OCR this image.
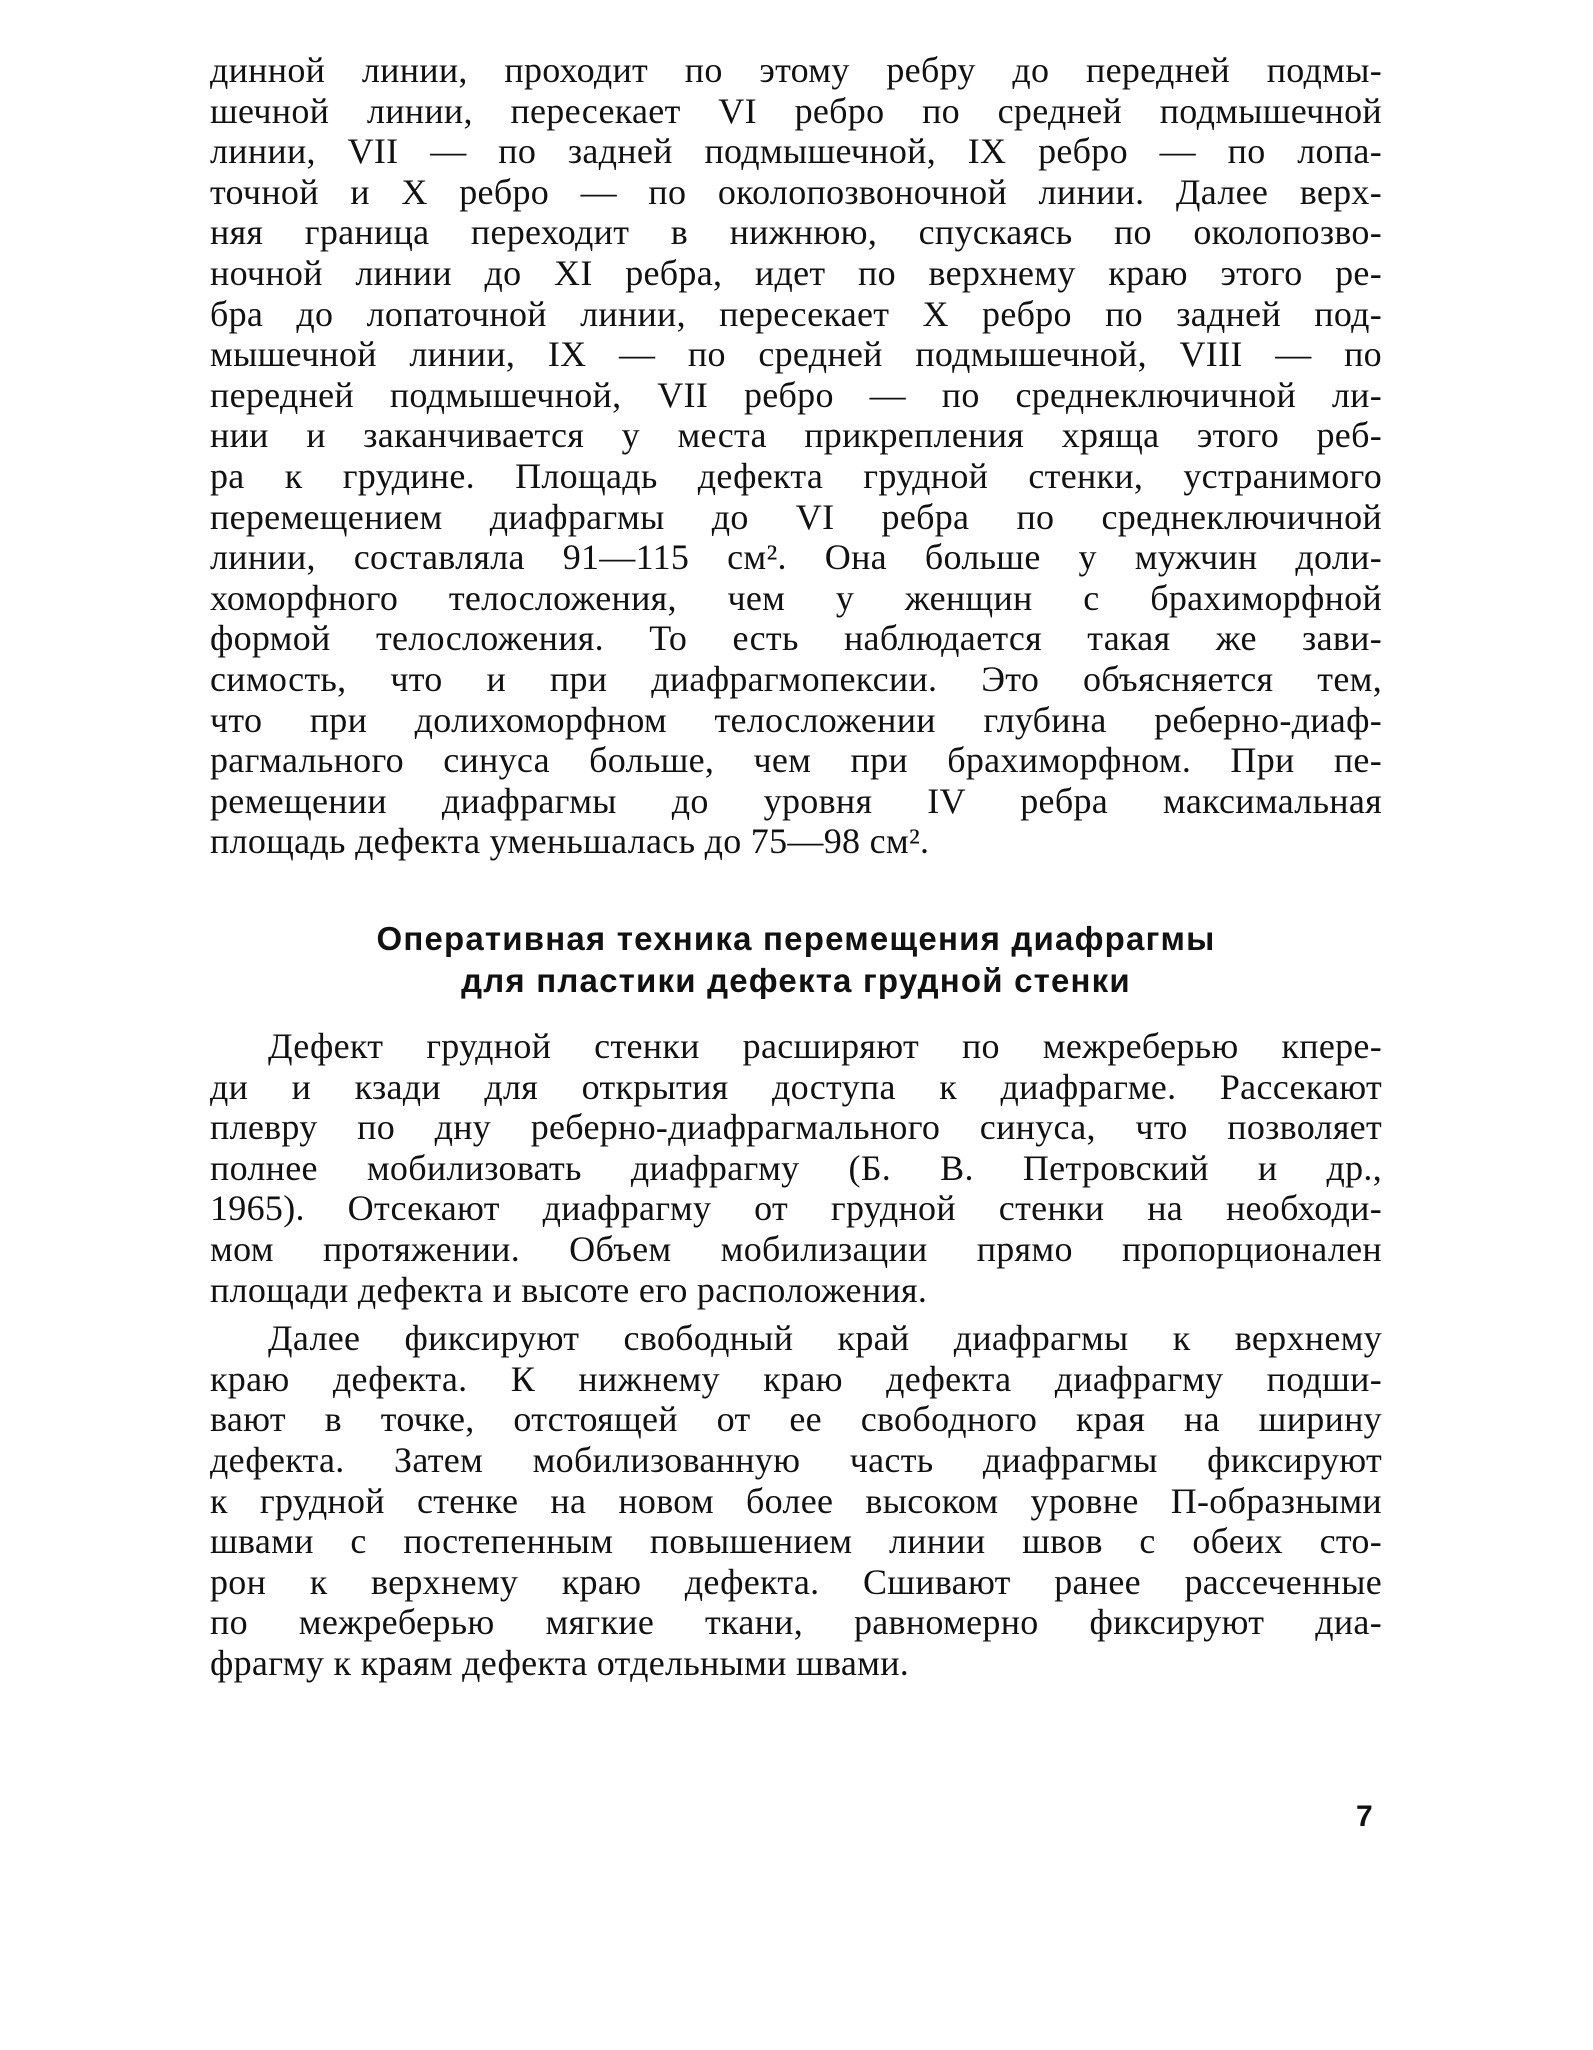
динной линии, проходит по этому ребру до передней подмы-
шечной линии, пересекает VI ребро по средней подмышечной
линии, VII — по задней подмышечной, IX ребро — по лопа-
точной и X ребро — по околопозвоночной линии. Далее верх-
няя граница переходит в нижнюю, спускаясь по околопозво-
ночной линии до XI ребра, идет по верхнему краю этого ре-
бра до лопаточной линии, пересекает X ребро по задней под-
мышечной линии, IX — по средней подмышечной, VIII — по
передней подмышечной, VII ребро — по среднеключичной ли-
нии и заканчивается у места прикрепления хряща этого реб-
ра к грудине. Площадь дефекта грудной стенки, устранимого
перемещением диафрагмы до VI ребра по среднеключичной
линии, составляла 91—115 см². Она больше у мужчин доли-
хоморфного телосложения, чем у женщин с брахиморфной
формой телосложения. То есть наблюдается такая же зави-
симость, что и при диафрагмопексии. Это объясняется тем,
что при долихоморфном телосложении глубина реберно-диаф-
рагмального синуса больше, чем при брахиморфном. При пе-
ремещении диафрагмы до уровня IV ребра максимальная
площадь дефекта уменьшалась до 75—98 см².
Оперативная техника перемещения диафрагмы
для пластики дефекта грудной стенки
Дефект грудной стенки расширяют по межреберью кпере-
ди и кзади для открытия доступа к диафрагме. Рассекают
плевру по дну реберно-диафрагмального синуса, что позволяет
полнее мобилизовать диафрагму (Б. В. Петровский и др.,
1965). Отсекают диафрагму от грудной стенки на необходи-
мом протяжении. Объем мобилизации прямо пропорционален
площади дефекта и высоте его расположения.
Далее фиксируют свободный край диафрагмы к верхнему
краю дефекта. К нижнему краю дефекта диафрагму подши-
вают в точке, отстоящей от ее свободного края на ширину
дефекта. Затем мобилизованную часть диафрагмы фиксируют
к грудной стенке на новом более высоком уровне П-образными
швами с постепенным повышением линии швов с обеих сто-
рон к верхнему краю дефекта. Сшивают ранее рассеченные
по межреберью мягкие ткани, равномерно фиксируют диа-
фрагму к краям дефекта отдельными швами.
7
